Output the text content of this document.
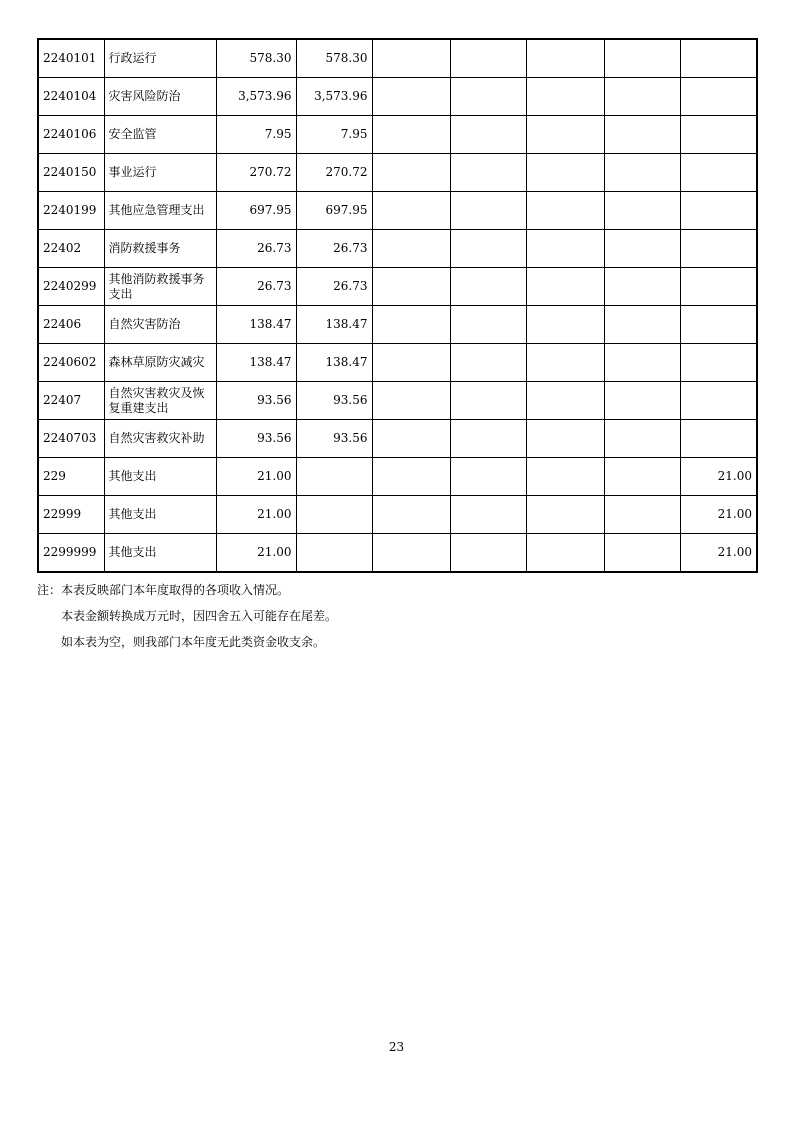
2240101	行政运行	578.30	578.30					
2240104	灾害风险防治	3,573.96	3,573.96					
2240106	安全监管	7.95	7.95					
2240150	事业运行	270.72	270.72					
2240199	其他应急管理支出	697.95	697.95					
22402	消防救援事务	26.73	26.73					
2240299	其他消防救援事务支出	26.73	26.73					
22406	自然灾害防治	138.47	138.47					
2240602	森林草原防灾减灾	138.47	138.47					
22407	自然灾害救灾及恢复重建支出	93.56	93.56					
2240703	自然灾害救灾补助	93.56	93.56					
229	其他支出	21.00						21.00
22999	其他支出	21.00						21.00
2299999	其他支出	21.00						21.00

注：本表反映部门本年度取得的各项收入情况。

本表金额转换成万元时，因四舍五入可能存在尾差。

如本表为空，则我部门本年度无此类资金收支余。

23
